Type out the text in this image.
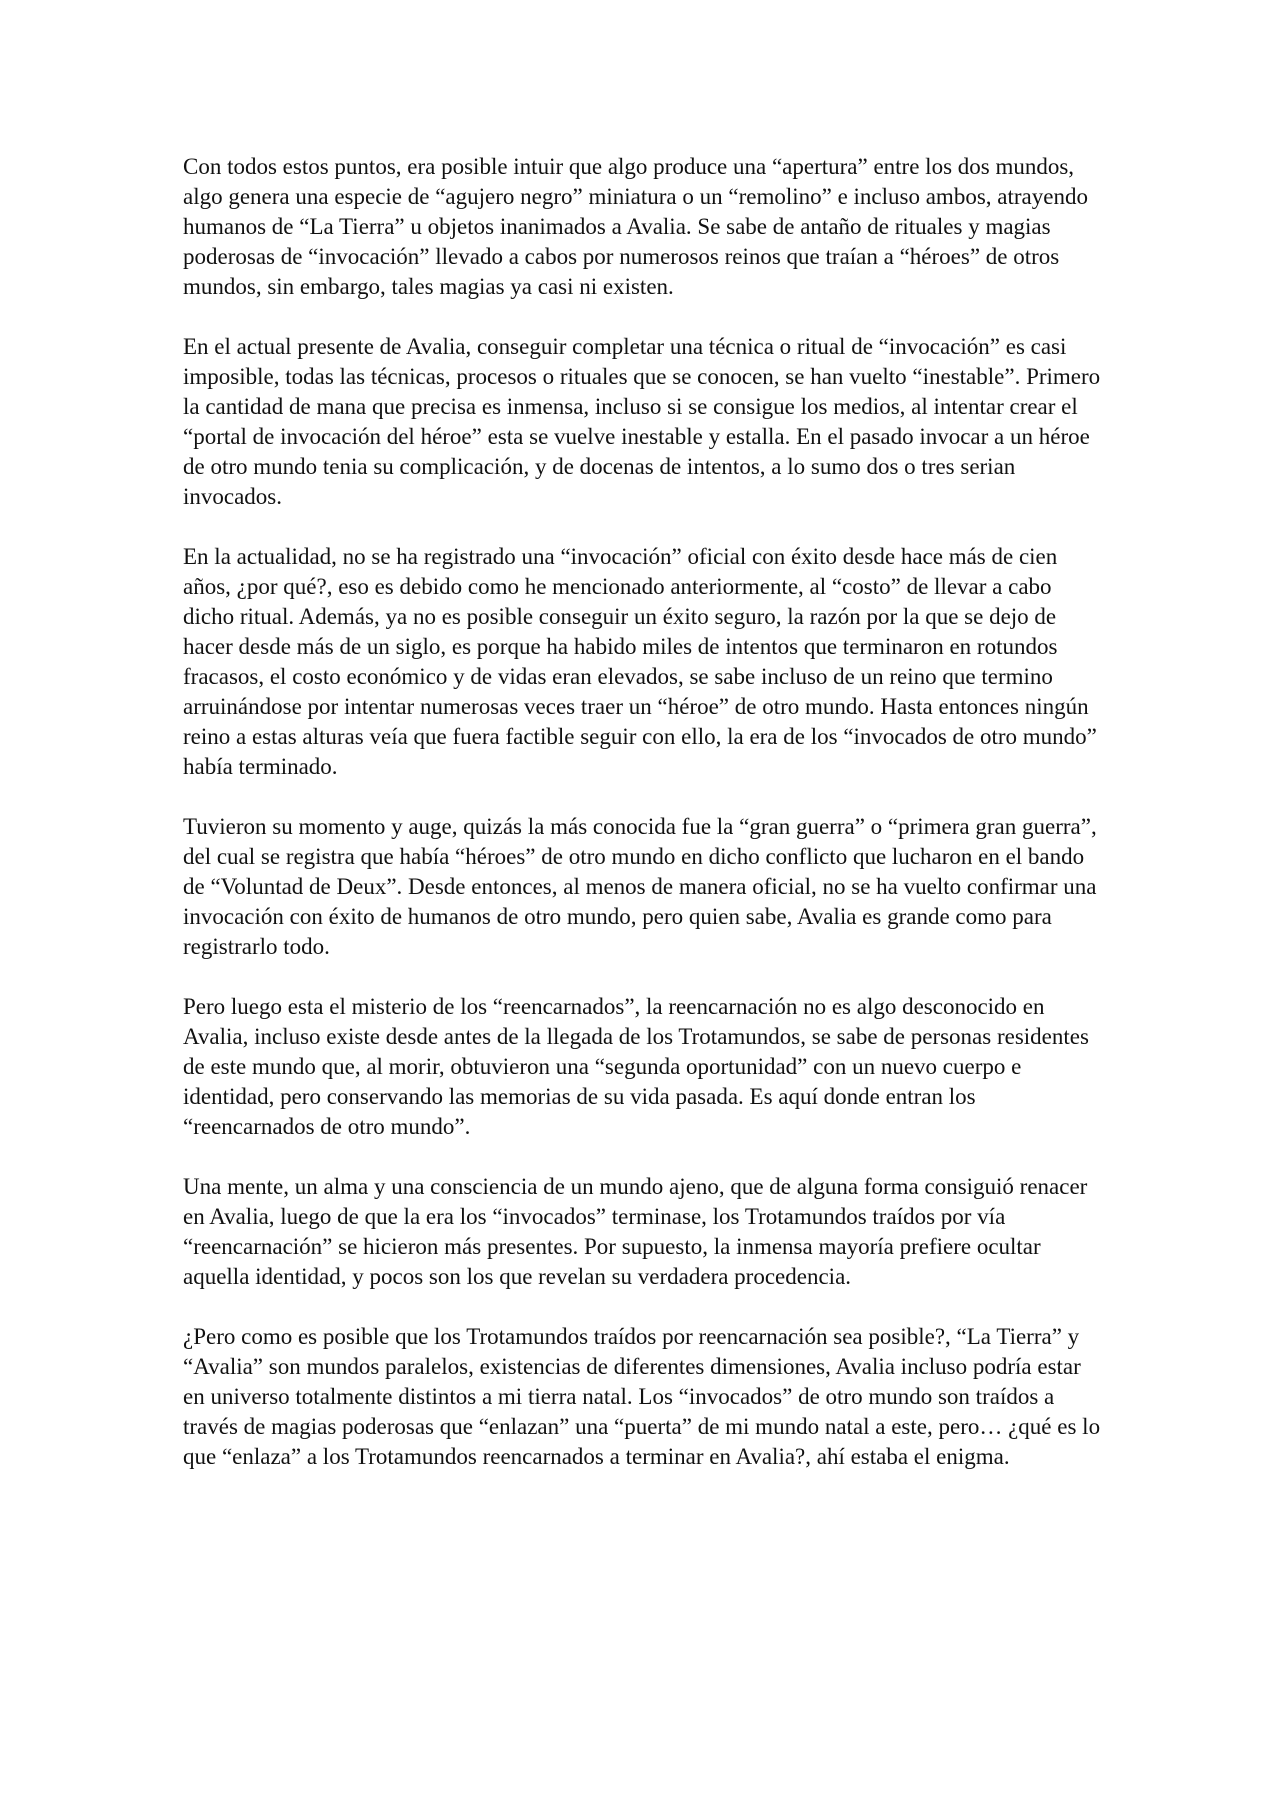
Con todos estos puntos, era posible intuir que algo produce una “apertura” entre los dos mundos, algo genera una especie de “agujero negro” miniatura o un “remolino” e incluso ambos, atrayendo humanos de “La Tierra” u objetos inanimados a Avalia. Se sabe de antaño de rituales y magias poderosas de “invocación” llevado a cabos por numerosos reinos que traían a “héroes” de otros mundos, sin embargo, tales magias ya casi ni existen.

En el actual presente de Avalia, conseguir completar una técnica o ritual de “invocación” es casi imposible, todas las técnicas, procesos o rituales que se conocen, se han vuelto “inestable”. Primero la cantidad de mana que precisa es inmensa, incluso si se consigue los medios, al intentar crear el “portal de invocación del héroe” esta se vuelve inestable y estalla. En el pasado invocar a un héroe de otro mundo tenia su complicación, y de docenas de intentos, a lo sumo dos o tres serian invocados.

En la actualidad, no se ha registrado una “invocación” oficial con éxito desde hace más de cien años, ¿por qué?, eso es debido como he mencionado anteriormente, al “costo” de llevar a cabo dicho ritual. Además, ya no es posible conseguir un éxito seguro, la razón por la que se dejo de hacer desde más de un siglo, es porque ha habido miles de intentos que terminaron en rotundos fracasos, el costo económico y de vidas eran elevados, se sabe incluso de un reino que termino arruinándose por intentar numerosas veces traer un “héroe” de otro mundo. Hasta entonces ningún reino a estas alturas veía que fuera factible seguir con ello, la era de los “invocados de otro mundo” había terminado.

Tuvieron su momento y auge, quizás la más conocida fue la “gran guerra” o “primera gran guerra”, del cual se registra que había “héroes” de otro mundo en dicho conflicto que lucharon en el bando de “Voluntad de Deux”. Desde entonces, al menos de manera oficial, no se ha vuelto confirmar una invocación con éxito de humanos de otro mundo, pero quien sabe, Avalia es grande como para registrarlo todo.

Pero luego esta el misterio de los “reencarnados”, la reencarnación no es algo desconocido en Avalia, incluso existe desde antes de la llegada de los Trotamundos, se sabe de personas residentes de este mundo que, al morir, obtuvieron una “segunda oportunidad” con un nuevo cuerpo e identidad, pero conservando las memorias de su vida pasada. Es aquí donde entran los “reencarnados de otro mundo”.

Una mente, un alma y una consciencia de un mundo ajeno, que de alguna forma consiguió renacer en Avalia, luego de que la era los “invocados” terminase, los Trotamundos traídos por vía “reencarnación” se hicieron más presentes. Por supuesto, la inmensa mayoría prefiere ocultar aquella identidad, y pocos son los que revelan su verdadera procedencia.

¿Pero como es posible que los Trotamundos traídos por reencarnación sea posible?, “La Tierra” y “Avalia” son mundos paralelos, existencias de diferentes dimensiones, Avalia incluso podría estar en universo totalmente distintos a mi tierra natal. Los “invocados” de otro mundo son traídos a través de magias poderosas que “enlazan” una “puerta” de mi mundo natal a este, pero… ¿qué es lo que “enlaza” a los Trotamundos reencarnados a terminar en Avalia?, ahí estaba el enigma.
